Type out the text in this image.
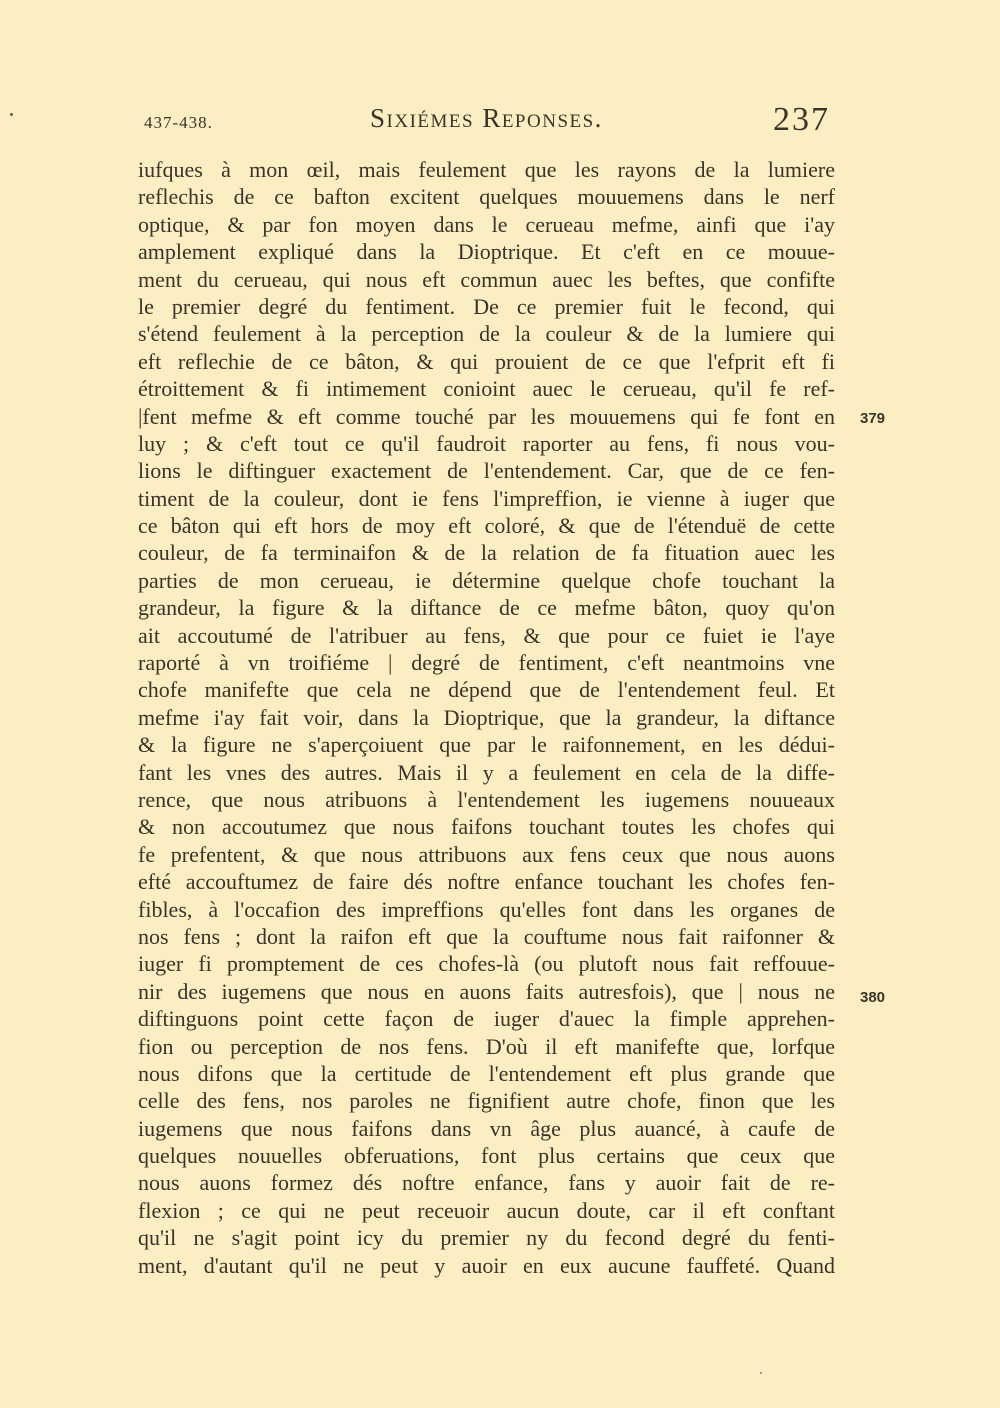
437-438.	Sixiémes Reponses.	237
iufques à mon œil, mais feulement que les rayons de la lumiere
reflechis de ce bafton excitent quelques mouuemens dans le nerf
optique, & par fon moyen dans le cerueau mefme, ainfi que i'ay
amplement expliqué dans la Dioptrique. Et c'eft en ce mouue-
ment du cerueau, qui nous eft commun auec les beftes, que confifte
le premier degré du fentiment. De ce premier fuit le fecond, qui
s'étend feulement à la perception de la couleur & de la lumiere qui
eft reflechie de ce bâton, & qui prouient de ce que l'efprit eft fi
étroittement & fi intimement conioint auec le cerueau, qu'il fe ref-
|fent mefme & eft comme touché par les mouuemens qui fe font en
luy ; & c'eft tout ce qu'il faudroit raporter au fens, fi nous vou-
lions le diftinguer exactement de l'entendement. Car, que de ce fen-
timent de la couleur, dont ie fens l'impreffion, ie vienne à iuger que
ce bâton qui eft hors de moy eft coloré, & que de l'étenduë de cette
couleur, de fa terminaifon & de la relation de fa fituation auec les
parties de mon cerueau, ie détermine quelque chofe touchant la
grandeur, la figure & la diftance de ce mefme bâton, quoy qu'on
ait accoutumé de l'atribuer au fens, & que pour ce fuiet ie l'aye
raporté à vn troifiéme | degré de fentiment, c'eft neantmoins vne
chofe manifefte que cela ne dépend que de l'entendement feul. Et
mefme i'ay fait voir, dans la Dioptrique, que la grandeur, la diftance
& la figure ne s'aperçoiuent que par le raifonnement, en les dédui-
fant les vnes des autres. Mais il y a feulement en cela de la diffe-
rence, que nous atribuons à l'entendement les iugemens nouueaux
& non accoutumez que nous faifons touchant toutes les chofes qui
fe prefentent, & que nous attribuons aux fens ceux que nous auons
efté accouftumez de faire dés noftre enfance touchant les chofes fen-
fibles, à l'occafion des impreffions qu'elles font dans les organes de
nos fens ; dont la raifon eft que la couftume nous fait raifonner &
iuger fi promptement de ces chofes-là (ou plutoft nous fait reffouue-
nir des iugemens que nous en auons faits autresfois), que | nous ne
diftinguons point cette façon de iuger d'auec la fimple apprehen-
fion ou perception de nos fens. D'où il eft manifefte que, lorfque
nous difons que la certitude de l'entendement eft plus grande que
celle des fens, nos paroles ne fignifient autre chofe, finon que les
iugemens que nous faifons dans vn âge plus auancé, à caufe de
quelques nouuelles obferuations, font plus certains que ceux que
nous auons formez dés noftre enfance, fans y auoir fait de re-
flexion ; ce qui ne peut receuoir aucun doute, car il eft conftant
qu'il ne s'agit point icy du premier ny du fecond degré du fenti-
ment, d'autant qu'il ne peut y auoir en eux aucune fauffeté. Quand
379
380
